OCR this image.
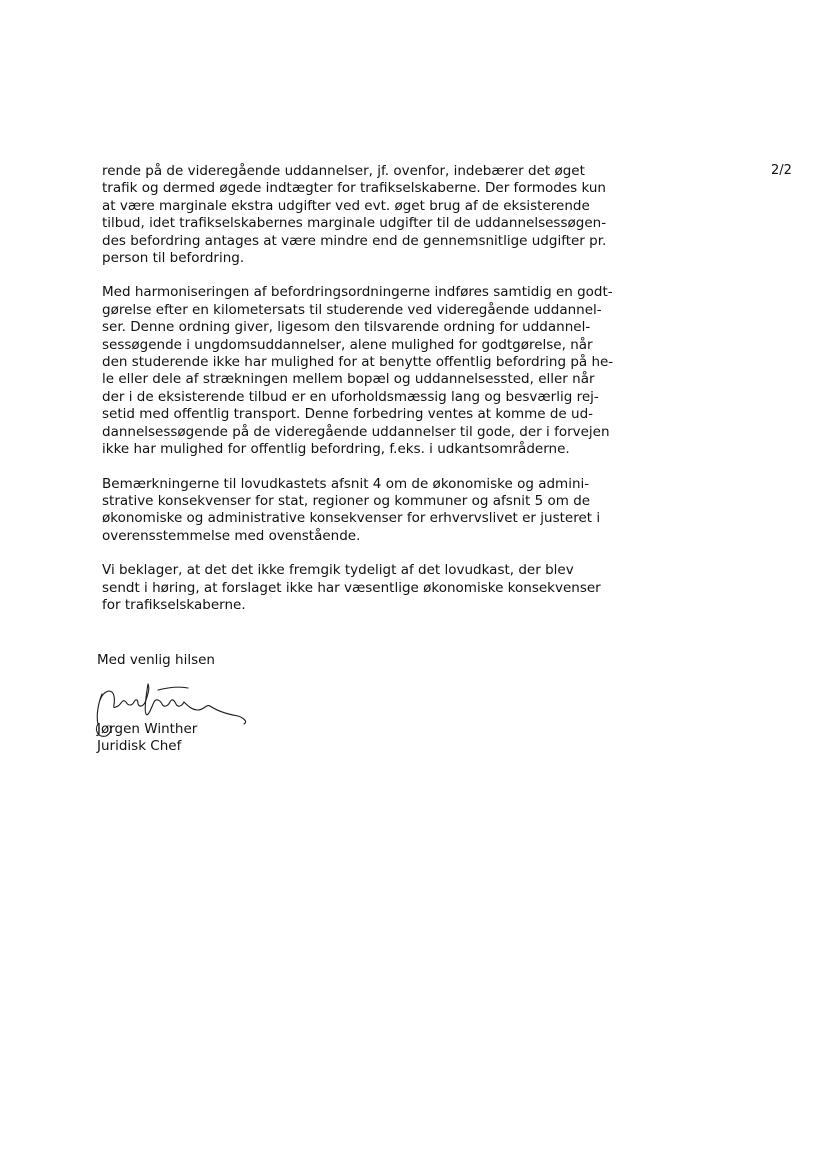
2/2

rende på de videregående uddannelser, jf. ovenfor, indebærer det øget
trafik og dermed øgede indtægter for trafikselskaberne. Der formodes kun
at være marginale ekstra udgifter ved evt. øget brug af de eksisterende
tilbud, idet trafikselskabernes marginale udgifter til de uddannelsessøgen-
des befordring antages at være mindre end de gennemsnitlige udgifter pr.
person til befordring.

Med harmoniseringen af befordringsordningerne indføres samtidig en godt-
gørelse efter en kilometersats til studerende ved videregående uddannel-
ser. Denne ordning giver, ligesom den tilsvarende ordning for uddannel-
sessøgende i ungdomsuddannelser, alene mulighed for godtgørelse, når
den studerende ikke har mulighed for at benytte offentlig befordring på he-
le eller dele af strækningen mellem bopæl og uddannelsessted, eller når
der i de eksisterende tilbud er en uforholdsmæssig lang og besværlig rej-
setid med offentlig transport. Denne forbedring ventes at komme de ud-
dannelsessøgende på de videregående uddannelser til gode, der i forvejen
ikke har mulighed for offentlig befordring, f.eks. i udkantsområderne.

Bemærkningerne til lovudkastets afsnit 4 om de økonomiske og admini-
strative konsekvenser for stat, regioner og kommuner og afsnit 5 om de
økonomiske og administrative konsekvenser for erhvervslivet er justeret i
overensstemmelse med ovenstående.

Vi beklager, at det det ikke fremgik tydeligt af det lovudkast, der blev
sendt i høring, at forslaget ikke har væsentlige økonomiske konsekvenser
for trafikselskaberne.

Med venlig hilsen
Jørgen Winther
Juridisk Chef
